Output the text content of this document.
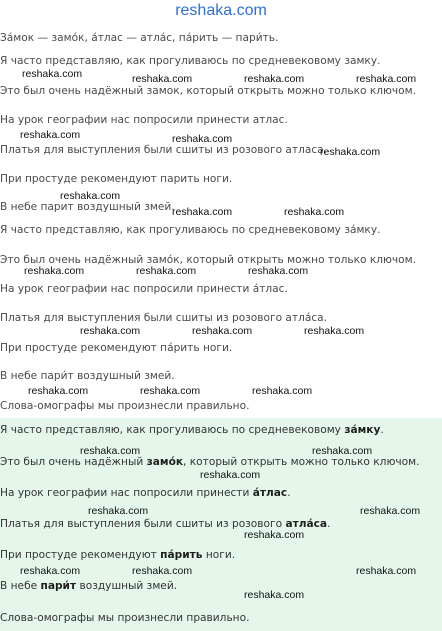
reshaka.com

За́мок — замо́к, а́тлас — атла́с, па́рить — пари́ть.

Я часто представляю, как прогуливаюсь по средневековому замку.

Это был очень надёжный замок, который открыть можно только ключом.

На урок географии нас попросили принести атлас.

Платья для выступления были сшиты из розового атласа.

При простуде рекомендуют парить ноги.

В небе парит воздушный змей.

Я часто представляю, как прогуливаюсь по средневековому за́мку.

Это был очень надёжный замо́к, который открыть можно только ключом.

На урок географии нас попросили принести а́тлас.

Платья для выступления были сшиты из розового атла́са.

При простуде рекомендуют па́рить ноги.

В небе пари́т воздушный змей.

Слова-омографы мы произнесли правильно.

Я часто представляю, как прогуливаюсь по средневековому за́мку.

Это был очень надёжный замо́к, который открыть можно только ключом.

На урок географии нас попросили принести а́тлас.

Платья для выступления были сшиты из розового атла́са.

При простуде рекомендуют па́рить ноги.

В небе пари́т воздушный змей.

Слова-омографы мы произнесли правильно.

reshaka.com	reshaka.com	reshaka.com	reshaka.com
reshaka.com	reshaka.com
reshaka.com
reshaka.com
reshaka.com	reshaka.com
reshaka.com	reshaka.com	reshaka.com
reshaka.com	reshaka.com	reshaka.com
reshaka.com	reshaka.com	reshaka.com
reshaka.com	reshaka.com
reshaka.com
reshaka.com	reshaka.com
reshaka.com
reshaka.com	reshaka.com	reshaka.com
reshaka.com
